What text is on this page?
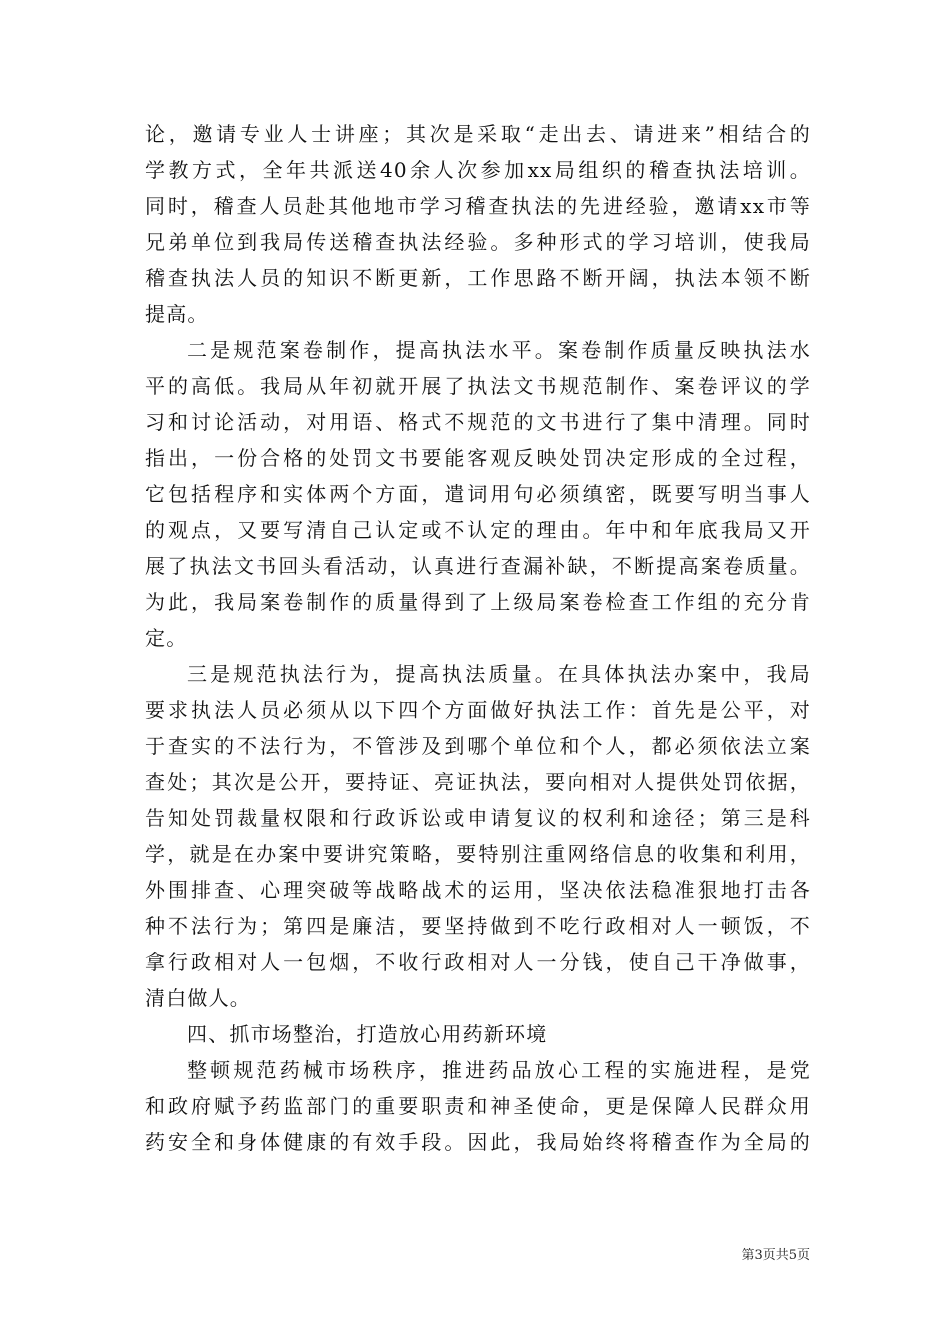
论，邀请专业人士讲座；其次是采取“走出去、请进来”相结合的
学教方式，全年共派送40余人次参加xx局组织的稽查执法培训。
同时，稽查人员赴其他地市学习稽查执法的先进经验，邀请xx市等
兄弟单位到我局传送稽查执法经验。多种形式的学习培训，使我局
稽查执法人员的知识不断更新，工作思路不断开阔，执法本领不断
提高。
二是规范案卷制作，提高执法水平。案卷制作质量反映执法水
平的高低。我局从年初就开展了执法文书规范制作、案卷评议的学
习和讨论活动，对用语、格式不规范的文书进行了集中清理。同时
指出，一份合格的处罚文书要能客观反映处罚决定形成的全过程，
它包括程序和实体两个方面，遣词用句必须缜密，既要写明当事人
的观点，又要写清自己认定或不认定的理由。年中和年底我局又开
展了执法文书回头看活动，认真进行查漏补缺，不断提高案卷质量。
为此，我局案卷制作的质量得到了上级局案卷检查工作组的充分肯
定。
三是规范执法行为，提高执法质量。在具体执法办案中，我局
要求执法人员必须从以下四个方面做好执法工作：首先是公平，对
于查实的不法行为，不管涉及到哪个单位和个人，都必须依法立案
查处；其次是公开，要持证、亮证执法，要向相对人提供处罚依据，
告知处罚裁量权限和行政诉讼或申请复议的权利和途径；第三是科
学，就是在办案中要讲究策略，要特别注重网络信息的收集和利用，
外围排查、心理突破等战略战术的运用，坚决依法稳准狠地打击各
种不法行为；第四是廉洁，要坚持做到不吃行政相对人一顿饭，不
拿行政相对人一包烟，不收行政相对人一分钱，使自己干净做事，
清白做人。
四、抓市场整治，打造放心用药新环境
整顿规范药械市场秩序，推进药品放心工程的实施进程，是党
和政府赋予药监部门的重要职责和神圣使命，更是保障人民群众用
药安全和身体健康的有效手段。因此，我局始终将稽查作为全局的
第3页共5页
